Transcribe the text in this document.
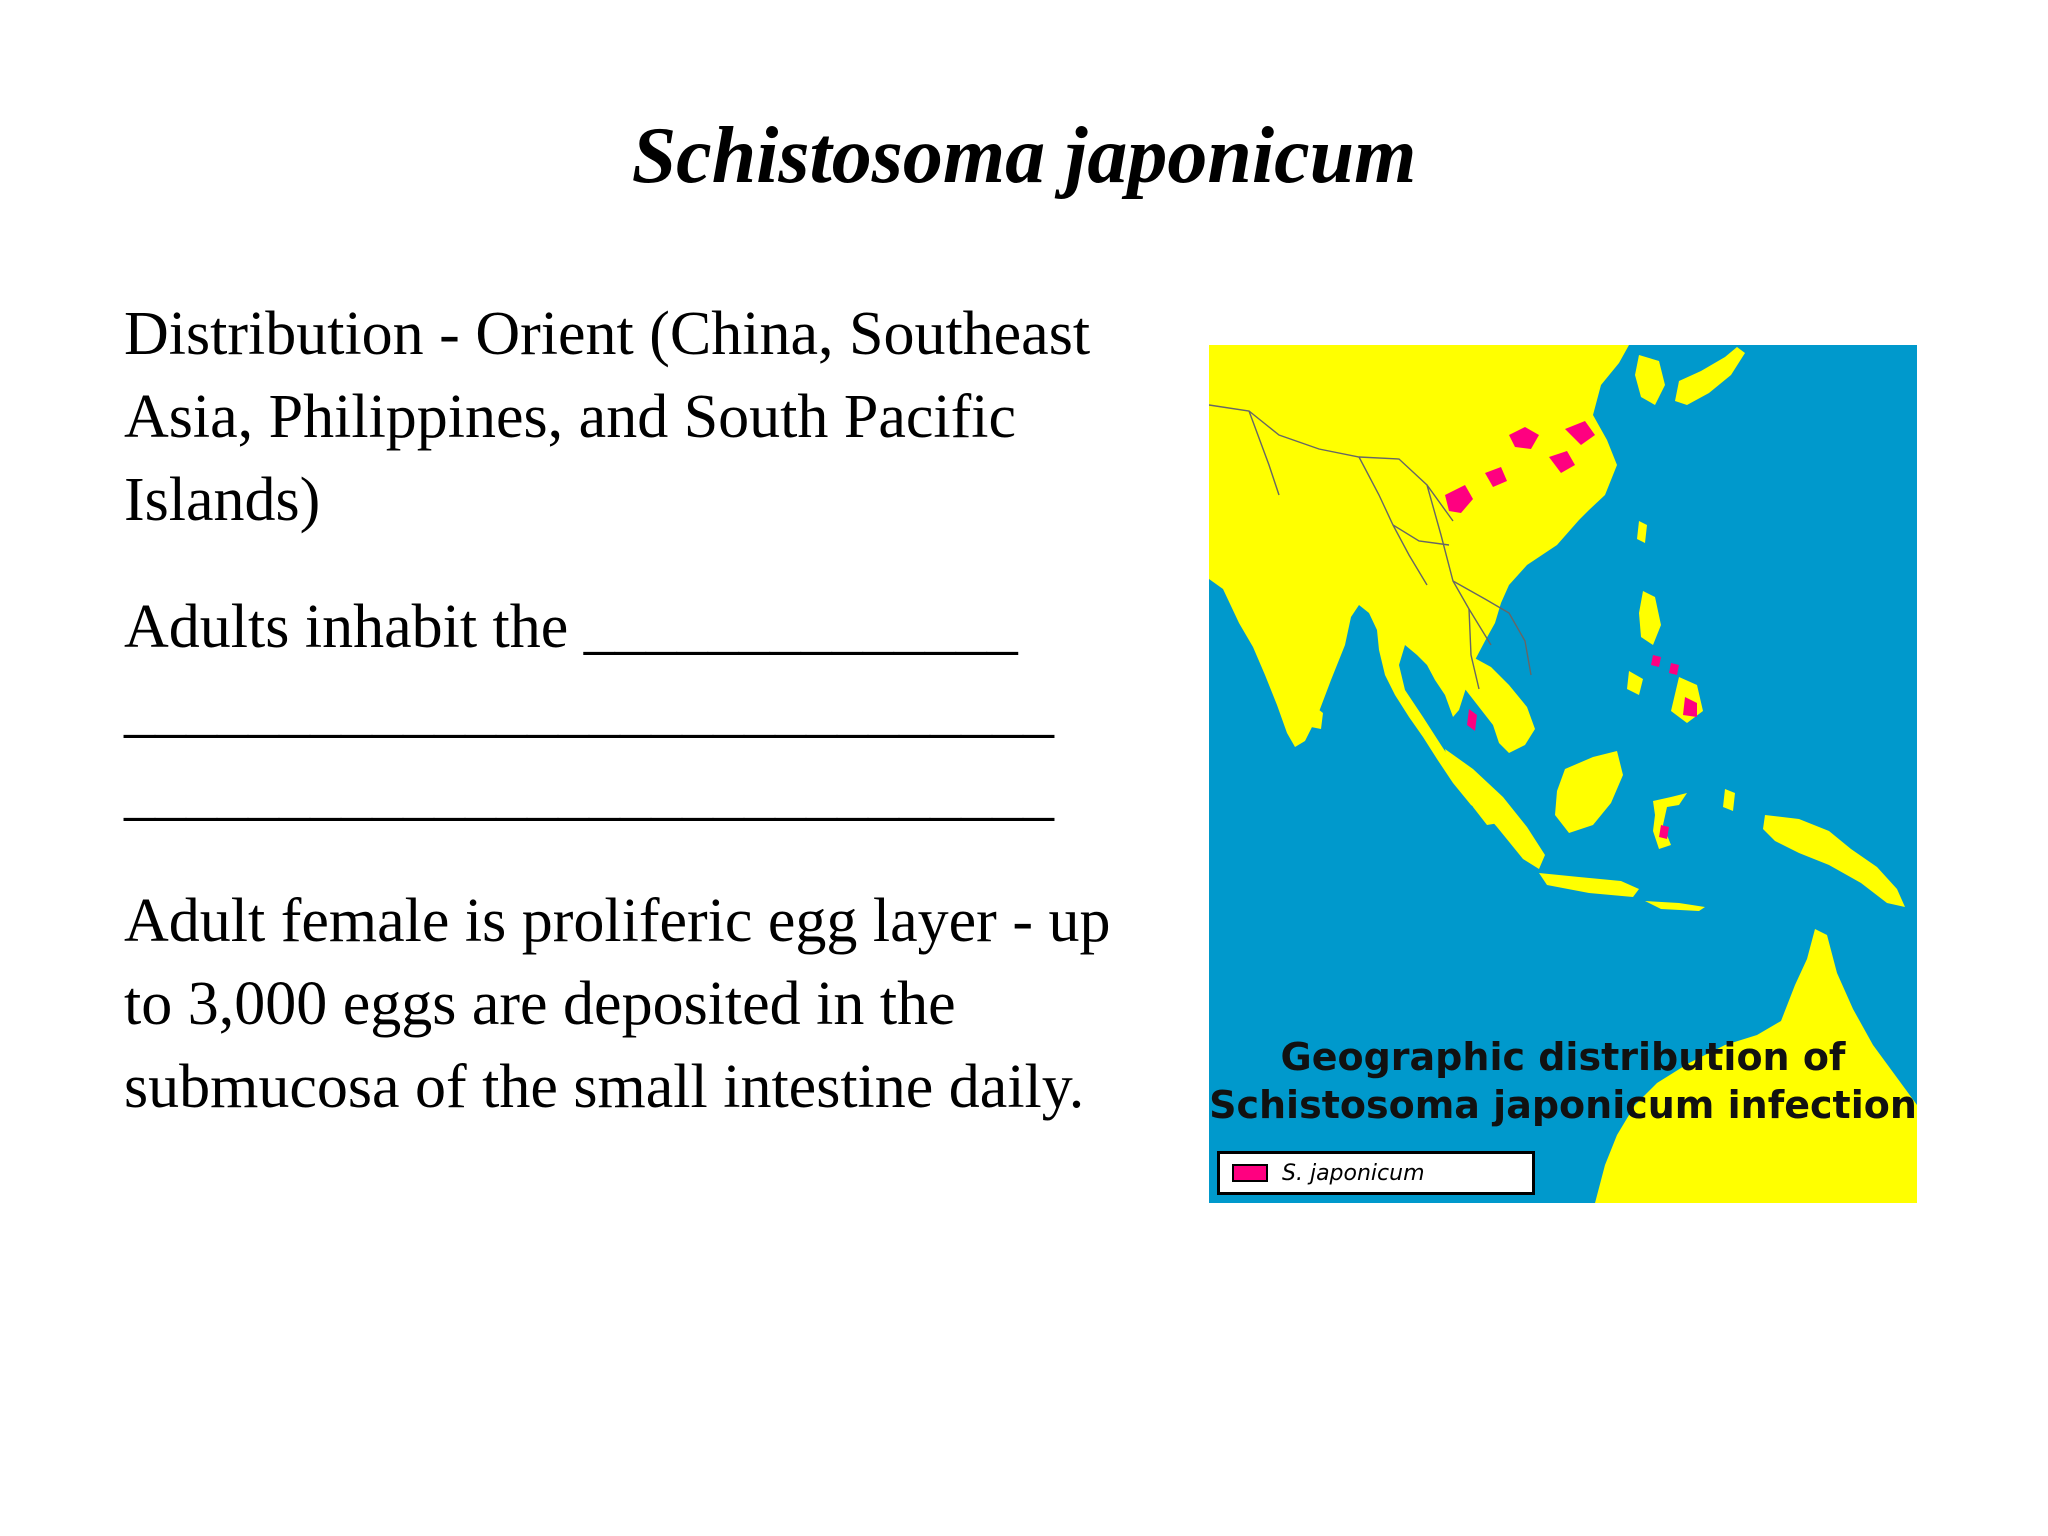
Schistosoma japonicum

Distribution - Orient (China, Southeast Asia, Philippines, and South Pacific Islands)

Adults inhabit the ______________
______________________________
______________________________

Adult female is proliferic egg layer - up to 3,000 eggs are deposited in the submucosa of the small intestine daily.	Geographic distribution of
Schistosoma japonicum infection
S. japonicum
